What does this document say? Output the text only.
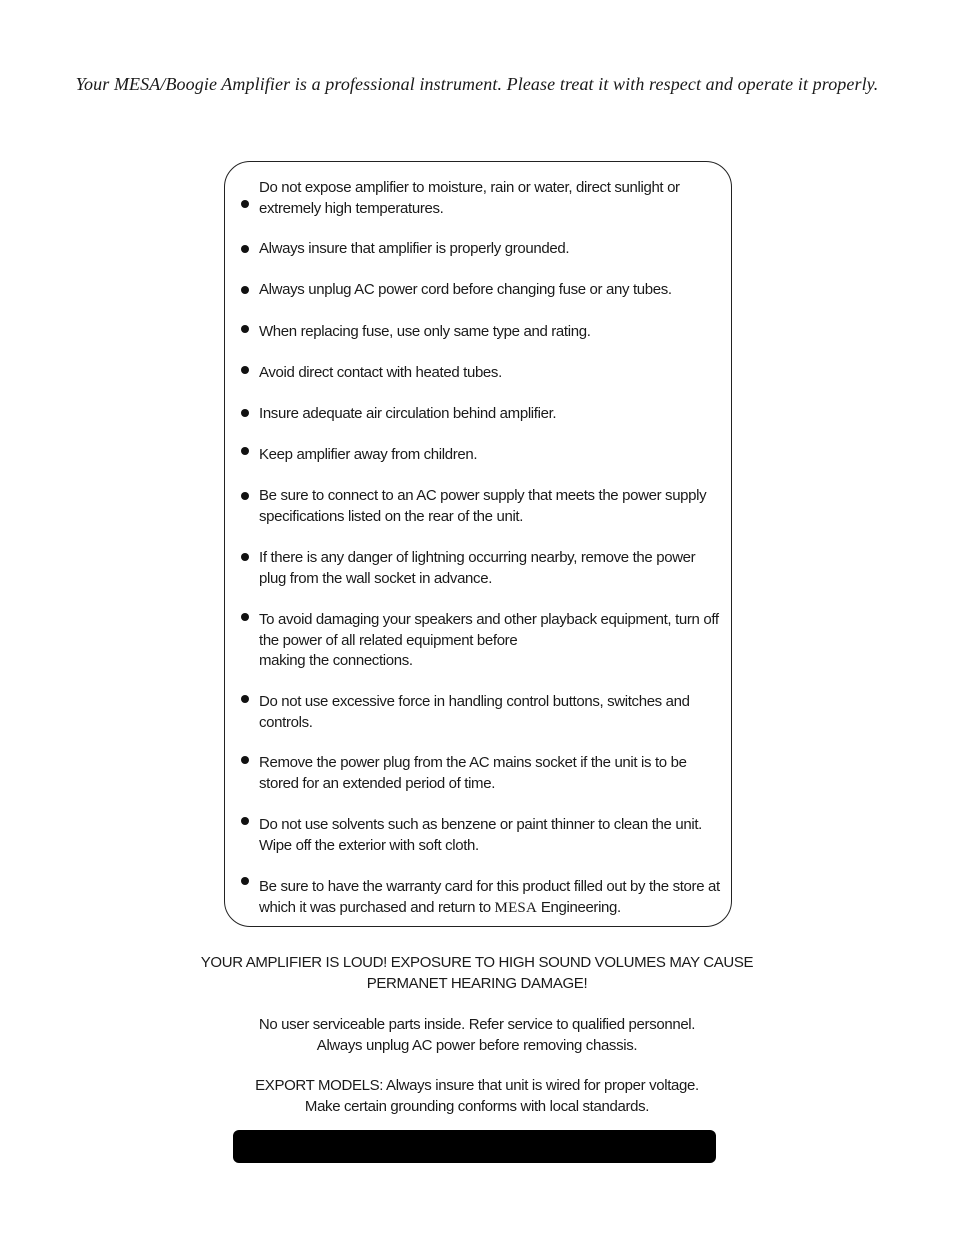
Your MESA/Boogie Amplifier is a professional instrument. Please treat it with respect and operate it properly.
Do not expose amplifier to moisture, rain or water, direct sunlight or
extremely high temperatures.
Always insure that amplifier is properly grounded.
Always unplug AC power cord before changing fuse or any tubes.
When replacing fuse, use only same type and rating.
Avoid direct contact with heated tubes.
Insure adequate air circulation behind amplifier.
Keep amplifier away from children.
Be sure to connect to an AC power supply that meets the power supply
specifications listed on the rear of the unit.
If there is any danger of lightning occurring nearby, remove the power
plug from the wall socket in advance.
To avoid damaging your speakers and other playback equipment, turn off
the power of all related equipment before
making the connections.
Do not use excessive force in handling control buttons, switches and
controls.
Remove the power plug from the AC mains socket if the unit is to be
stored for an extended period of time.
Do not use solvents such as benzene or paint thinner to clean the unit.
Wipe off the exterior with soft cloth.
Be sure to have the warranty card for this product filled out by the store at
which it was purchased and return to MESA Engineering.
YOUR AMPLIFIER IS LOUD! EXPOSURE TO HIGH SOUND VOLUMES MAY CAUSE
PERMANET HEARING DAMAGE!
No user serviceable parts inside. Refer service to qualified personnel.
Always unplug AC power before removing chassis.
EXPORT MODELS: Always insure that unit is wired for proper voltage.
Make certain grounding conforms with local standards.
